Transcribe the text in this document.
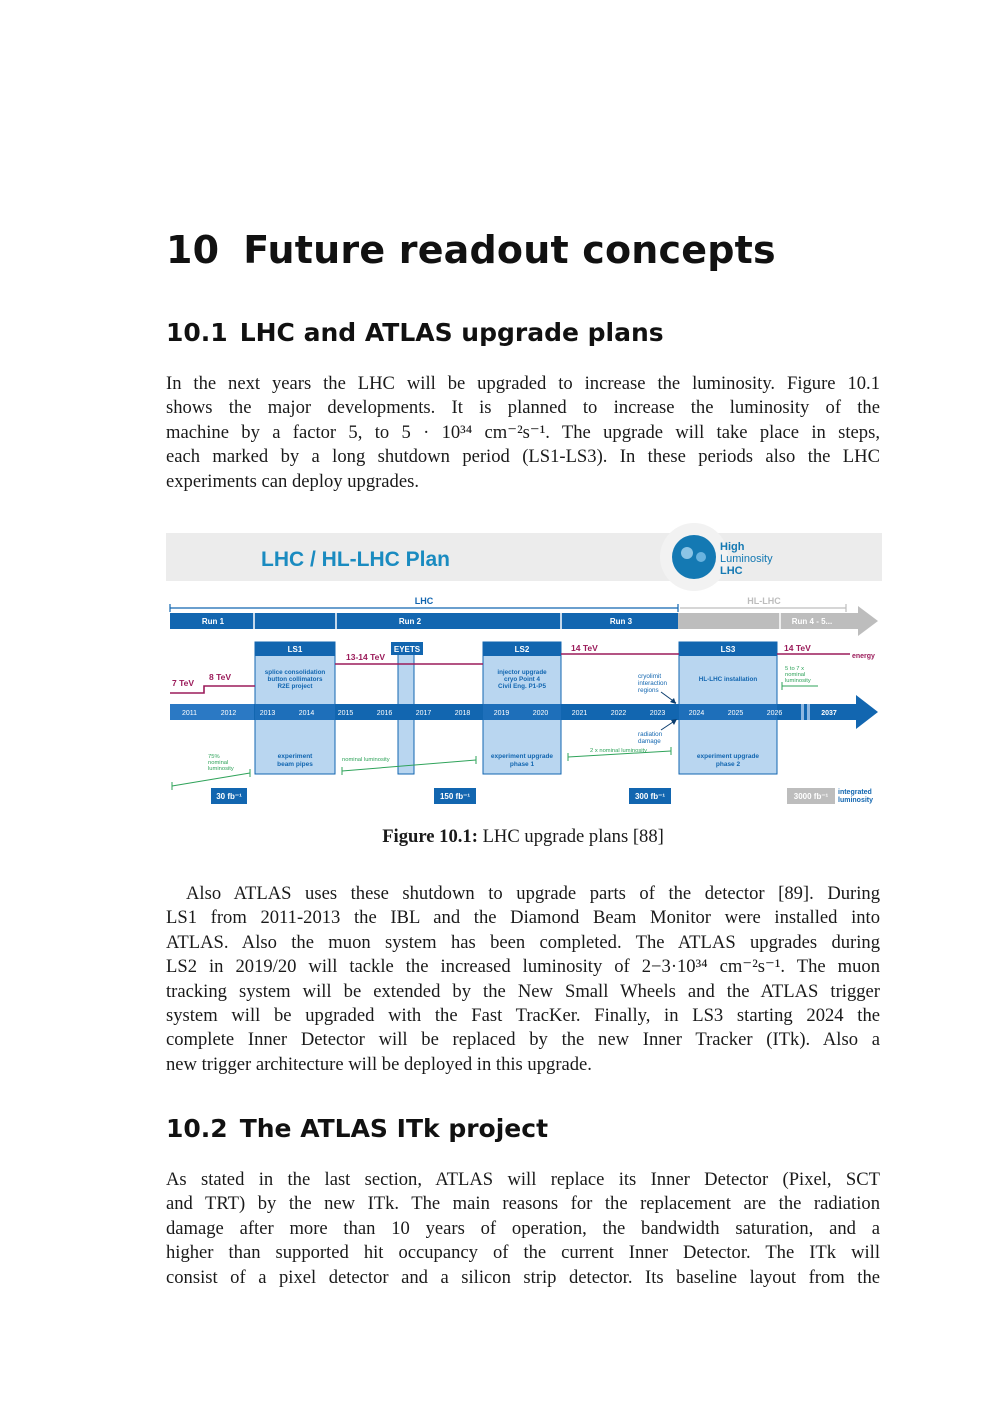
10 Future readout concepts
10.1 LHC and ATLAS upgrade plans
In the next years the LHC will be upgraded to increase the luminosity. Figure 10.1
shows the major developments. It is planned to increase the luminosity of the
machine by a factor 5, to 5 · 10³⁴ cm⁻²s⁻¹. The upgrade will take place in steps,
each marked by a long shutdown period (LS1-LS3). In these periods also the LHC
experiments can deploy upgrades.
LHC / HL-LHC Plan
High
Luminosity
LHC
LHC	HL-LHC
Run 1	Run 2	Run 3	Run 4 - 5...
LS1	EYETS	LS2	LS3
splice consolidation
button collimators
R2E project
injector upgrade
cryo Point 4
Civil Eng. P1-P5
HL-LHC installation
7 TeV
8 TeV
13-14 TeV
14 TeV	14 TeV
energy
2011	2012	2013	2014	2015	2016	2017	2018	2019	2020	2021	2022	2023	2024	2025	2026	2037
cryolimit
interaction
regions
radiation
damage
experiment
beam pipes
experiment upgrade
phase 1
experiment upgrade
phase 2
75%
nominal
luminosity
nominal luminosity
2 x nominal luminosity
5 to 7 x
nominal
luminosity
30 fb⁻¹	150 fb⁻¹	300 fb⁻¹	3000 fb⁻¹ integrated
luminosity

Figure 10.1: LHC upgrade plans [88]

Also ATLAS uses these shutdown to upgrade parts of the detector [89]. During
LS1 from 2011-2013 the IBL and the Diamond Beam Monitor were installed into
ATLAS. Also the muon system has been completed. The ATLAS upgrades during
LS2 in 2019/20 will tackle the increased luminosity of 2−3·10³⁴ cm⁻²s⁻¹. The muon
tracking system will be extended by the New Small Wheels and the ATLAS trigger
system will be upgraded with the Fast TracKer. Finally, in LS3 starting 2024 the
complete Inner Detector will be replaced by the new Inner Tracker (ITk). Also a
new trigger architecture will be deployed in this upgrade.
10.2 The ATLAS ITk project
As stated in the last section, ATLAS will replace its Inner Detector (Pixel, SCT
and TRT) by the new ITk. The main reasons for the replacement are the radiation
damage after more than 10 years of operation, the bandwidth saturation, and a
higher than supported hit occupancy of the current Inner Detector. The ITk will
consist of a pixel detector and a silicon strip detector. Its baseline layout from the
